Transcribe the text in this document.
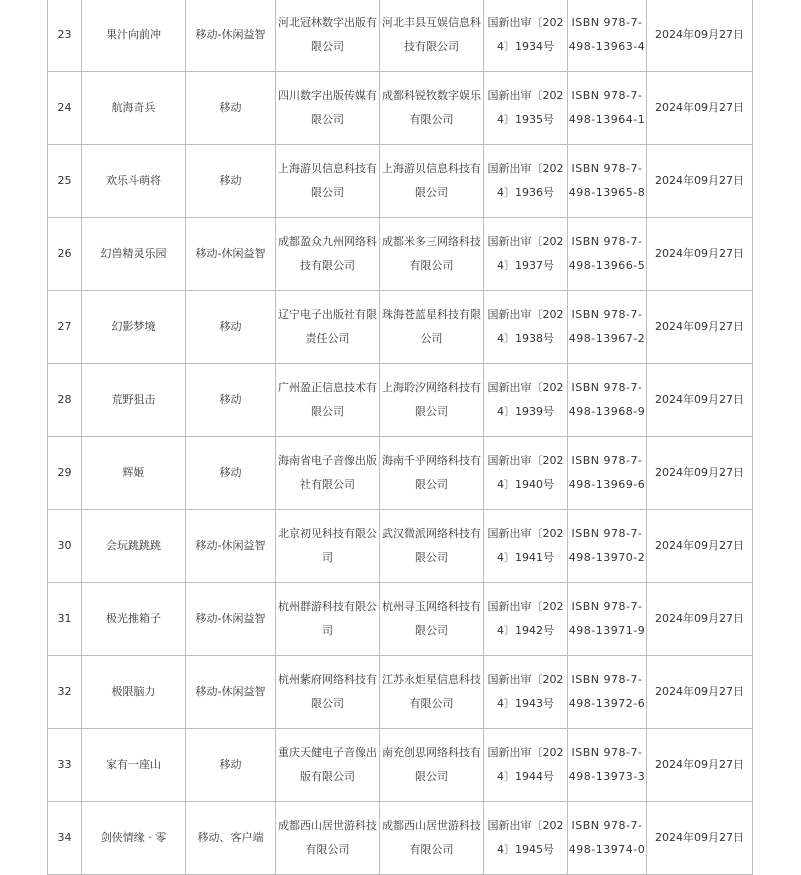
23	果汁向前冲	移动-休闲益智	河北冠林数字出版有限公司	河北丰县互娱信息科技有限公司	国新出审〔2024〕1934号	ISBN 978-7-498-13963-4	2024年09月27日
24	航海奇兵	移动	四川数字出版传媒有限公司	成都科锐牧数字娱乐有限公司	国新出审〔2024〕1935号	ISBN 978-7-498-13964-1	2024年09月27日
25	欢乐斗萌将	移动	上海游贝信息科技有限公司	上海游贝信息科技有限公司	国新出审〔2024〕1936号	ISBN 978-7-498-13965-8	2024年09月27日
26	幻兽精灵乐园	移动-休闲益智	成都盈众九州网络科技有限公司	成都米多三网络科技有限公司	国新出审〔2024〕1937号	ISBN 978-7-498-13966-5	2024年09月27日
27	幻影梦境	移动	辽宁电子出版社有限责任公司	珠海苍蓝星科技有限公司	国新出审〔2024〕1938号	ISBN 978-7-498-13967-2	2024年09月27日
28	荒野狙击	移动	广州盈正信息技术有限公司	上海聆汐网络科技有限公司	国新出审〔2024〕1939号	ISBN 978-7-498-13968-9	2024年09月27日
29	辉姬	移动	海南省电子音像出版社有限公司	海南千乎网络科技有限公司	国新出审〔2024〕1940号	ISBN 978-7-498-13969-6	2024年09月27日
30	会玩跳跳跳	移动-休闲益智	北京初见科技有限公司	武汉微派网络科技有限公司	国新出审〔2024〕1941号	ISBN 978-7-498-13970-2	2024年09月27日
31	极光推箱子	移动-休闲益智	杭州群游科技有限公司	杭州寻玉网络科技有限公司	国新出审〔2024〕1942号	ISBN 978-7-498-13971-9	2024年09月27日
32	极限脑力	移动-休闲益智	杭州紫府网络科技有限公司	江苏永炬星信息科技有限公司	国新出审〔2024〕1943号	ISBN 978-7-498-13972-6	2024年09月27日
33	家有一座山	移动	重庆天健电子音像出版有限公司	南充创思网络科技有限公司	国新出审〔2024〕1944号	ISBN 978-7-498-13973-3	2024年09月27日
34	剑侠情缘 · 零	移动、客户端	成都西山居世游科技有限公司	成都西山居世游科技有限公司	国新出审〔2024〕1945号	ISBN 978-7-498-13974-0	2024年09月27日
